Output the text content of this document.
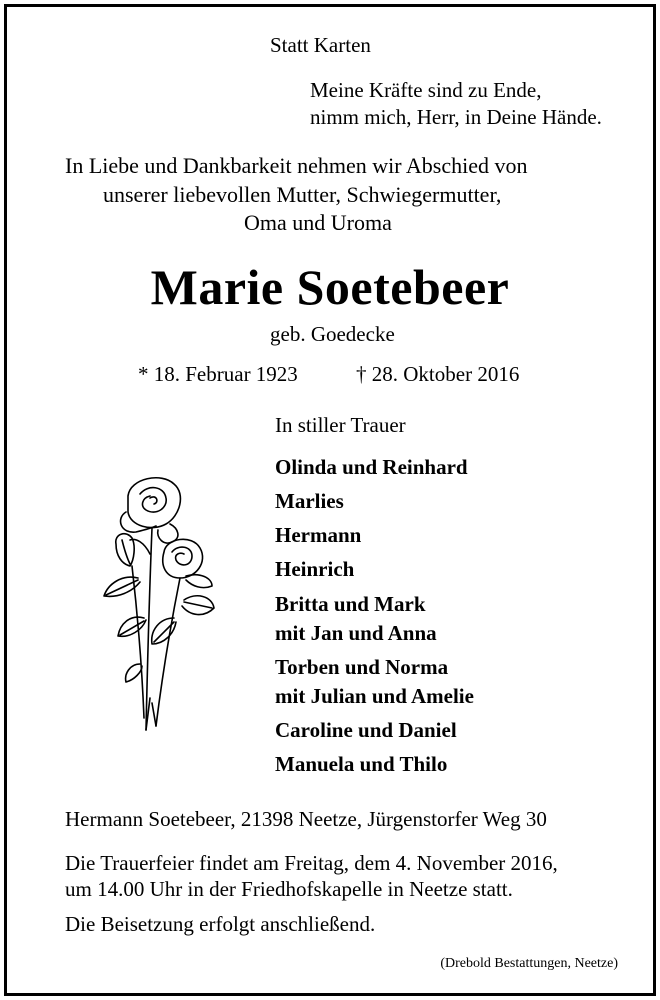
Statt Karten
Meine Kräfte sind zu Ende,
nimm mich, Herr, in Deine Hände.
In Liebe und Dankbarkeit nehmen wir Abschied von
unserer liebevollen Mutter, Schwiegermutter,
Oma und Uroma
Marie Soetebeer
geb. Goedecke
* 18. Februar 1923	† 28. Oktober 2016
In stiller Trauer
Olinda und Reinhard
Marlies
Hermann
Heinrich
Britta und Mark
mit Jan und Anna
Torben und Norma
mit Julian und Amelie
Caroline und Daniel
Manuela und Thilo
Hermann Soetebeer, 21398 Neetze, Jürgenstorfer Weg 30
Die Trauerfeier findet am Freitag, dem 4. November 2016,
um 14.00 Uhr in der Friedhofskapelle in Neetze statt.
Die Beisetzung erfolgt anschließend.
(Drebold Bestattungen, Neetze)
